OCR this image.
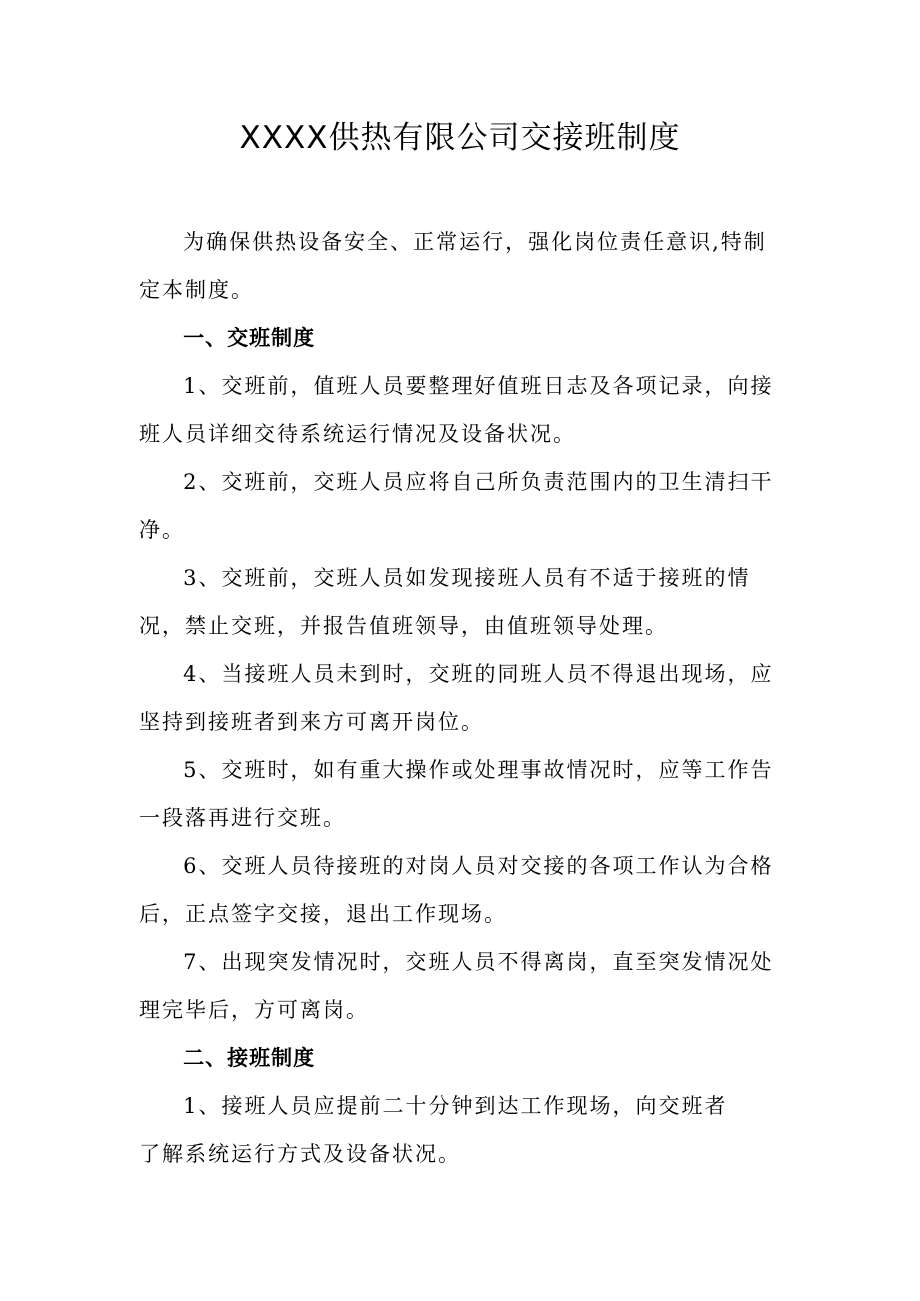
XXXX供热有限公司交接班制度

为确保供热设备安全、正常运行，强化岗位责任意识,特制定本制度。

一、交班制度

1、交班前，值班人员要整理好值班日志及各项记录，向接班人员详细交待系统运行情况及设备状况。

2、交班前，交班人员应将自己所负责范围内的卫生清扫干净。

3、交班前，交班人员如发现接班人员有不适于接班的情况，禁止交班，并报告值班领导，由值班领导处理。

4、当接班人员未到时，交班的同班人员不得退出现场，应坚持到接班者到来方可离开岗位。

5、交班时，如有重大操作或处理事故情况时，应等工作告一段落再进行交班。

6、交班人员待接班的对岗人员对交接的各项工作认为合格后，正点签字交接，退出工作现场。

7、出现突发情况时，交班人员不得离岗，直至突发情况处理完毕后，方可离岗。

二、接班制度

1、接班人员应提前二十分钟到达工作现场，向交班者了解系统运行方式及设备状况。
